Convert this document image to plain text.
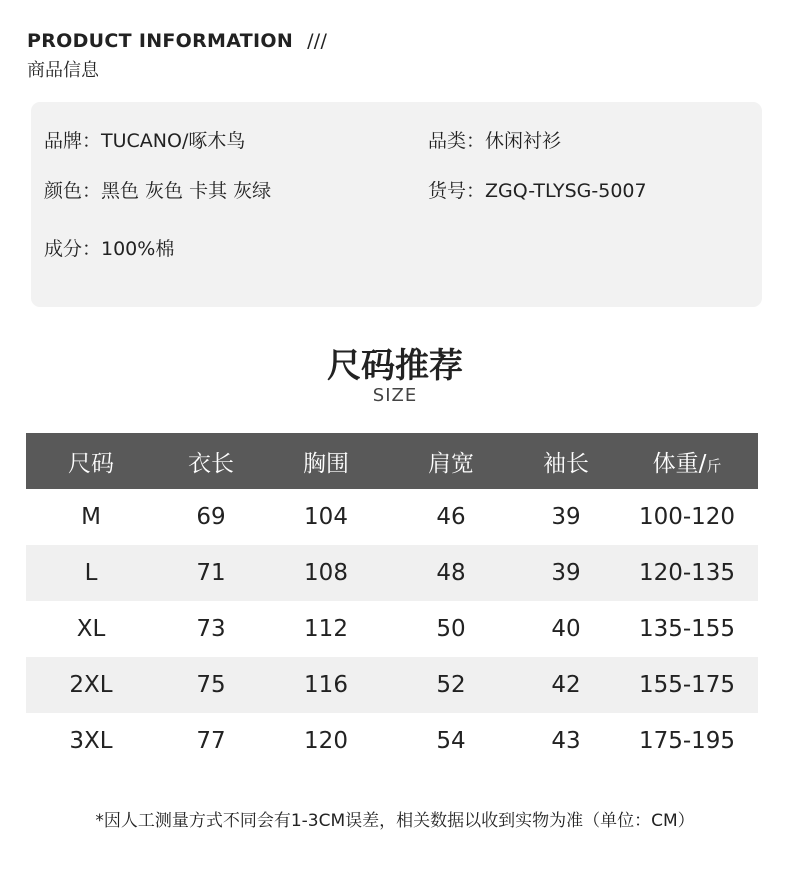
PRODUCT INFORMATION ///
商品信息
品牌：TUCANO/啄木鸟	品类：休闲衬衫
颜色：黑色 灰色 卡其 灰绿	货号：ZGQ-TLYSG-5007
成分：100%棉
尺码推荐
SIZE
尺码	衣长	胸围	肩宽	袖长	体重/斤
M	69	104	46	39	100-120
L	71	108	48	39	120-135
XL	73	112	50	40	135-155
2XL	75	116	52	42	155-175
3XL	77	120	54	43	175-195
*因人工测量方式不同会有1-3CM误差，相关数据以收到实物为准（单位：CM）
